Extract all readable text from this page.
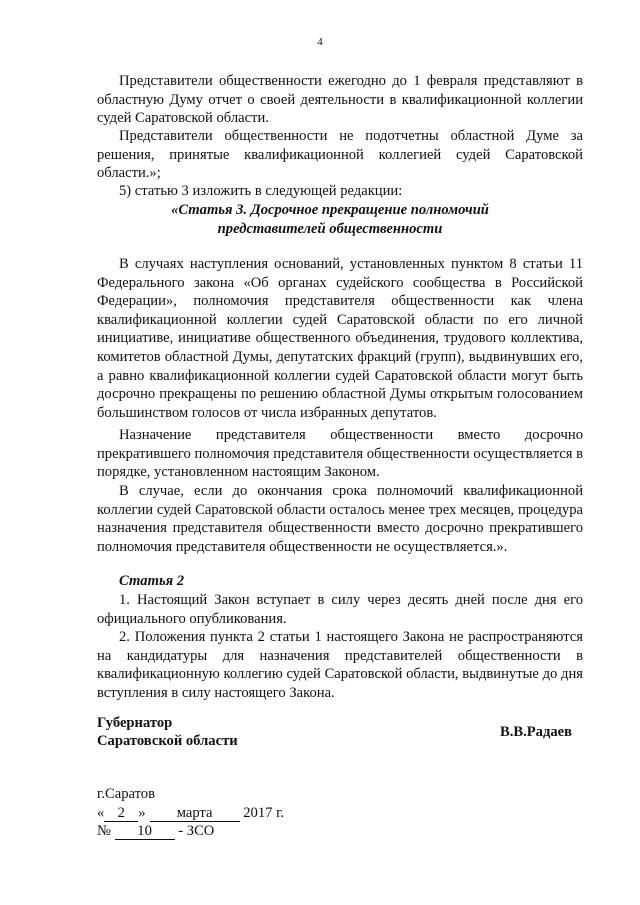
4

Представители общественности ежегодно до 1 февраля представляют в областную Думу отчет о своей деятельности в квалификационной коллегии судей Саратовской области.

Представители общественности не подотчетны областной Думе за решения, принятые квалификационной коллегией судей Саратовской области.»;

5) статью 3 изложить в следующей редакции:

«Статья 3. Досрочное прекращение полномочий представителей общественности

В случаях наступления оснований, установленных пунктом 8 статьи 11 Федерального закона «Об органах судейского сообщества в Российской Федерации», полномочия представителя общественности как члена квалификационной коллегии судей Саратовской области по его личной инициативе, инициативе общественного объединения, трудового коллектива, комитетов областной Думы, депутатских фракций (групп), выдвинувших его, а равно квалификационной коллегии судей Саратовской области могут быть досрочно прекращены по решению областной Думы открытым голосованием большинством голосов от числа избранных депутатов.

Назначение представителя общественности вместо досрочно прекратившего полномочия представителя общественности осуществляется в порядке, установленном настоящим Законом.

В случае, если до окончания срока полномочий квалификационной коллегии судей Саратовской области осталось менее трех месяцев, процедура назначения представителя общественности вместо досрочно прекратившего полномочия представителя общественности не осуществляется.».

Статья 2

1. Настоящий Закон вступает в силу через десять дней после дня его официального опубликования.

2. Положения пункта 2 статьи 1 настоящего Закона не распространяются на кандидатуры для назначения представителей общественности в квалификационную коллегию судей Саратовской области, выдвинутые до дня вступления в силу настоящего Закона.

Губернатор
Саратовской области
В.В.Радаев
г.Саратов
« 2 » марта 2017 г.
№ 10 - ЗСО
